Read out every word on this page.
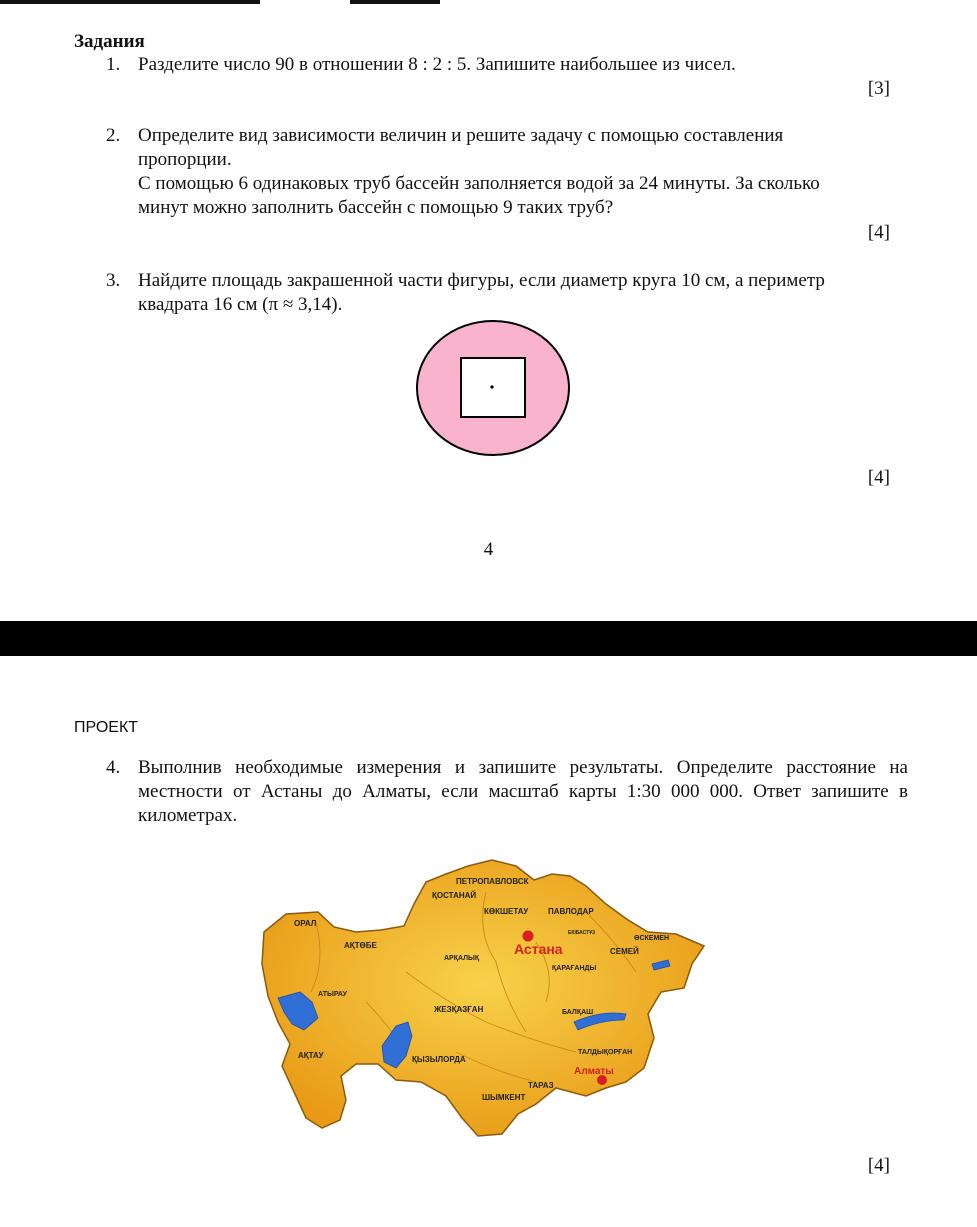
Задания
1. Разделите число 90 в отношении 8 : 2 : 5. Запишите наибольшее из чисел.
[3]
2. Определите вид зависимости величин и решите задачу с помощью составления
пропорции.
С помощью 6 одинаковых труб бассейн заполняется водой за 24 минуты. За сколько
минут можно заполнить бассейн с помощью 9 таких труб?
[4]
3. Найдите площадь закрашенной части фигуры, если диаметр круга 10 см, а периметр
квадрата 16 см (π ≈ 3,14).
[4]
4
ПРОЕКТ
4. Выполнив необходимые измерения и запишите результаты. Определите расстояние на местности от Астаны до Алматы, если масштаб карты 1:30 000 000. Ответ запишите в километрах.
ПЕТРОПАВЛОВСК
ҚОСТАНАЙ
КӨКШЕТАУ ПАВЛОДАР
ОРАЛ
АҚТӨБЕ
ӨСКЕМЕН
ЕКІБАСТҰЗ
СЕМЕЙ
АРҚАЛЫҚ
ҚАРАҒАНДЫ
АТЫРАУ
ЖЕЗҚАЗҒАН	БАЛҚАШ
АҚТАУ	ҚЫЗЫЛОРДА
ТАЛДЫҚОРҒАН
ТАРАЗ
ШЫМКЕНТ
Астана
Алматы
[4]
